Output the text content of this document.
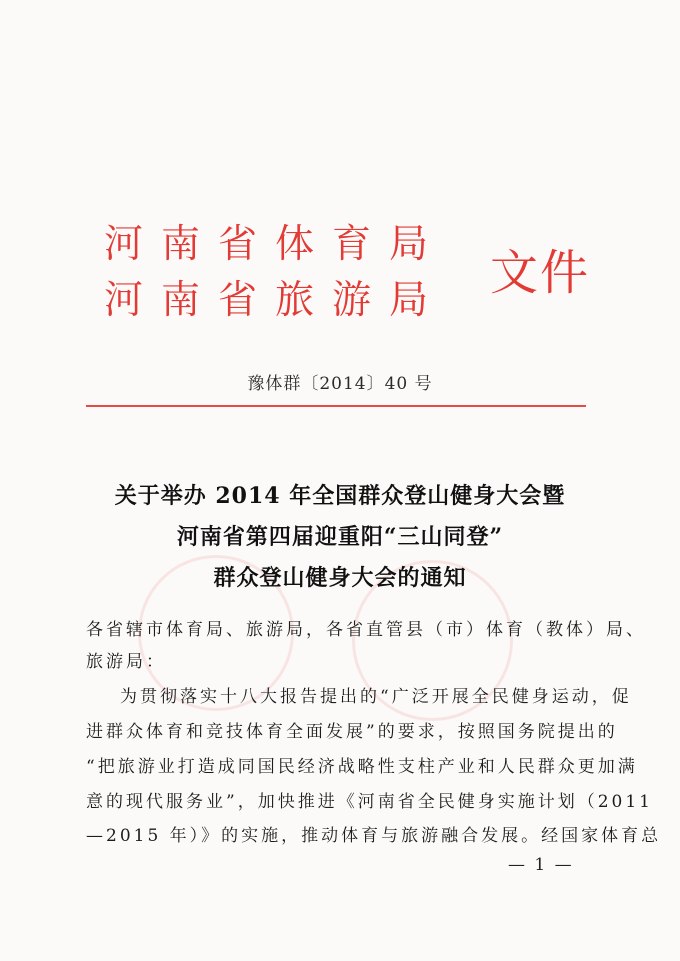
河南省体育局
河南省旅游局 文件
豫体群〔2014〕40 号
关于举办 2014 年全国群众登山健身大会暨
河南省第四届迎重阳“三山同登”
群众登山健身大会的通知
各省辖市体育局、旅游局，各省直管县（市）体育（教体）局、
旅游局：
为贯彻落实十八大报告提出的“广泛开展全民健身运动，促
进群众体育和竞技体育全面发展”的要求，按照国务院提出的
“把旅游业打造成同国民经济战略性支柱产业和人民群众更加满
意的现代服务业”，加快推进《河南省全民健身实施计划（2011
—2015 年）》的实施，推动体育与旅游融合发展。经国家体育总
— 1 —
